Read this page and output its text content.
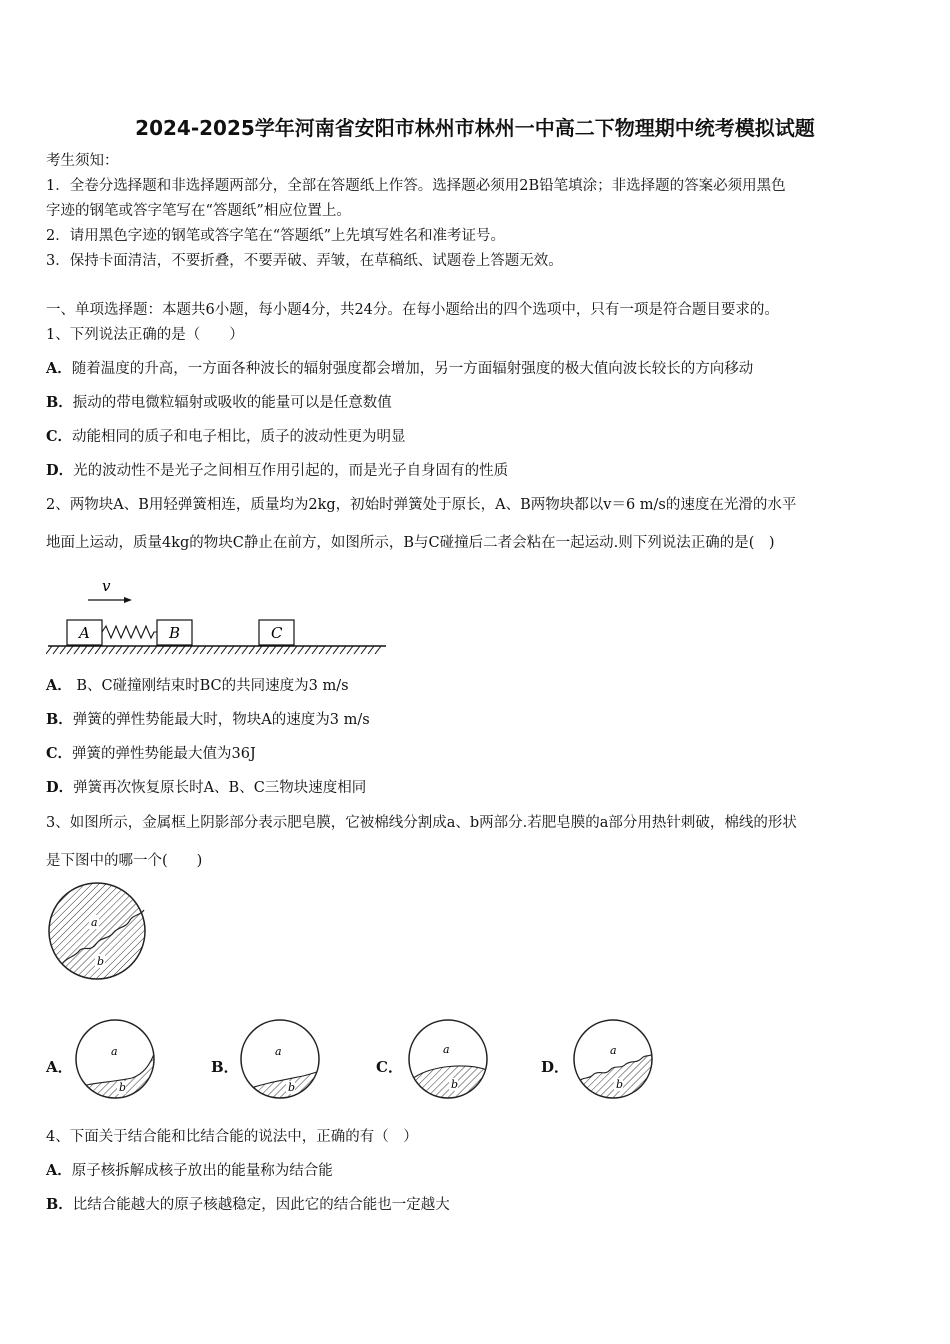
2024-2025学年河南省安阳市林州市林州一中高二下物理期中统考模拟试题
考生须知：
1．全卷分选择题和非选择题两部分，全部在答题纸上作答。选择题必须用2B铅笔填涂；非选择题的答案必须用黑色
字迹的钢笔或答字笔写在“答题纸”相应位置上。
2．请用黑色字迹的钢笔或答字笔在“答题纸”上先填写姓名和准考证号。
3．保持卡面清洁，不要折叠，不要弄破、弄皱，在草稿纸、试题卷上答题无效。
一、单项选择题：本题共6小题，每小题4分，共24分。在每小题给出的四个选项中，只有一项是符合题目要求的。
1、下列说法正确的是（　　）
A．随着温度的升高，一方面各种波长的辐射强度都会增加，另一方面辐射强度的极大值向波长较长的方向移动
B．振动的带电微粒辐射或吸收的能量可以是任意数值
C．动能相同的质子和电子相比，质子的波动性更为明显
D．光的波动性不是光子之间相互作用引起的，而是光子自身固有的性质
2、两物块A、B用轻弹簧相连，质量均为2kg，初始时弹簧处于原长，A、B两物块都以v＝6 m/s的速度在光滑的水平
地面上运动，质量4kg的物块C静止在前方，如图所示，B与C碰撞后二者会粘在一起运动.则下列说法正确的是(　)
v
A	B	C
A． B、C碰撞刚结束时BC的共同速度为3 m/s
B．弹簧的弹性势能最大时，物块A的速度为3 m/s
C．弹簧的弹性势能最大值为36J
D．弹簧再次恢复原长时A、B、C三物块速度相同
3、如图所示，金属框上阴影部分表示肥皂膜，它被棉线分割成a、b两部分.若肥皂膜的a部分用热针刺破，棉线的形状
是下图中的哪一个(　　)
a
b
A．
a
b
B．
a
b
C．
a
b
D．
a
b
4、下面关于结合能和比结合能的说法中，正确的有（　）
A．原子核拆解成核子放出的能量称为结合能
B．比结合能越大的原子核越稳定，因此它的结合能也一定越大
